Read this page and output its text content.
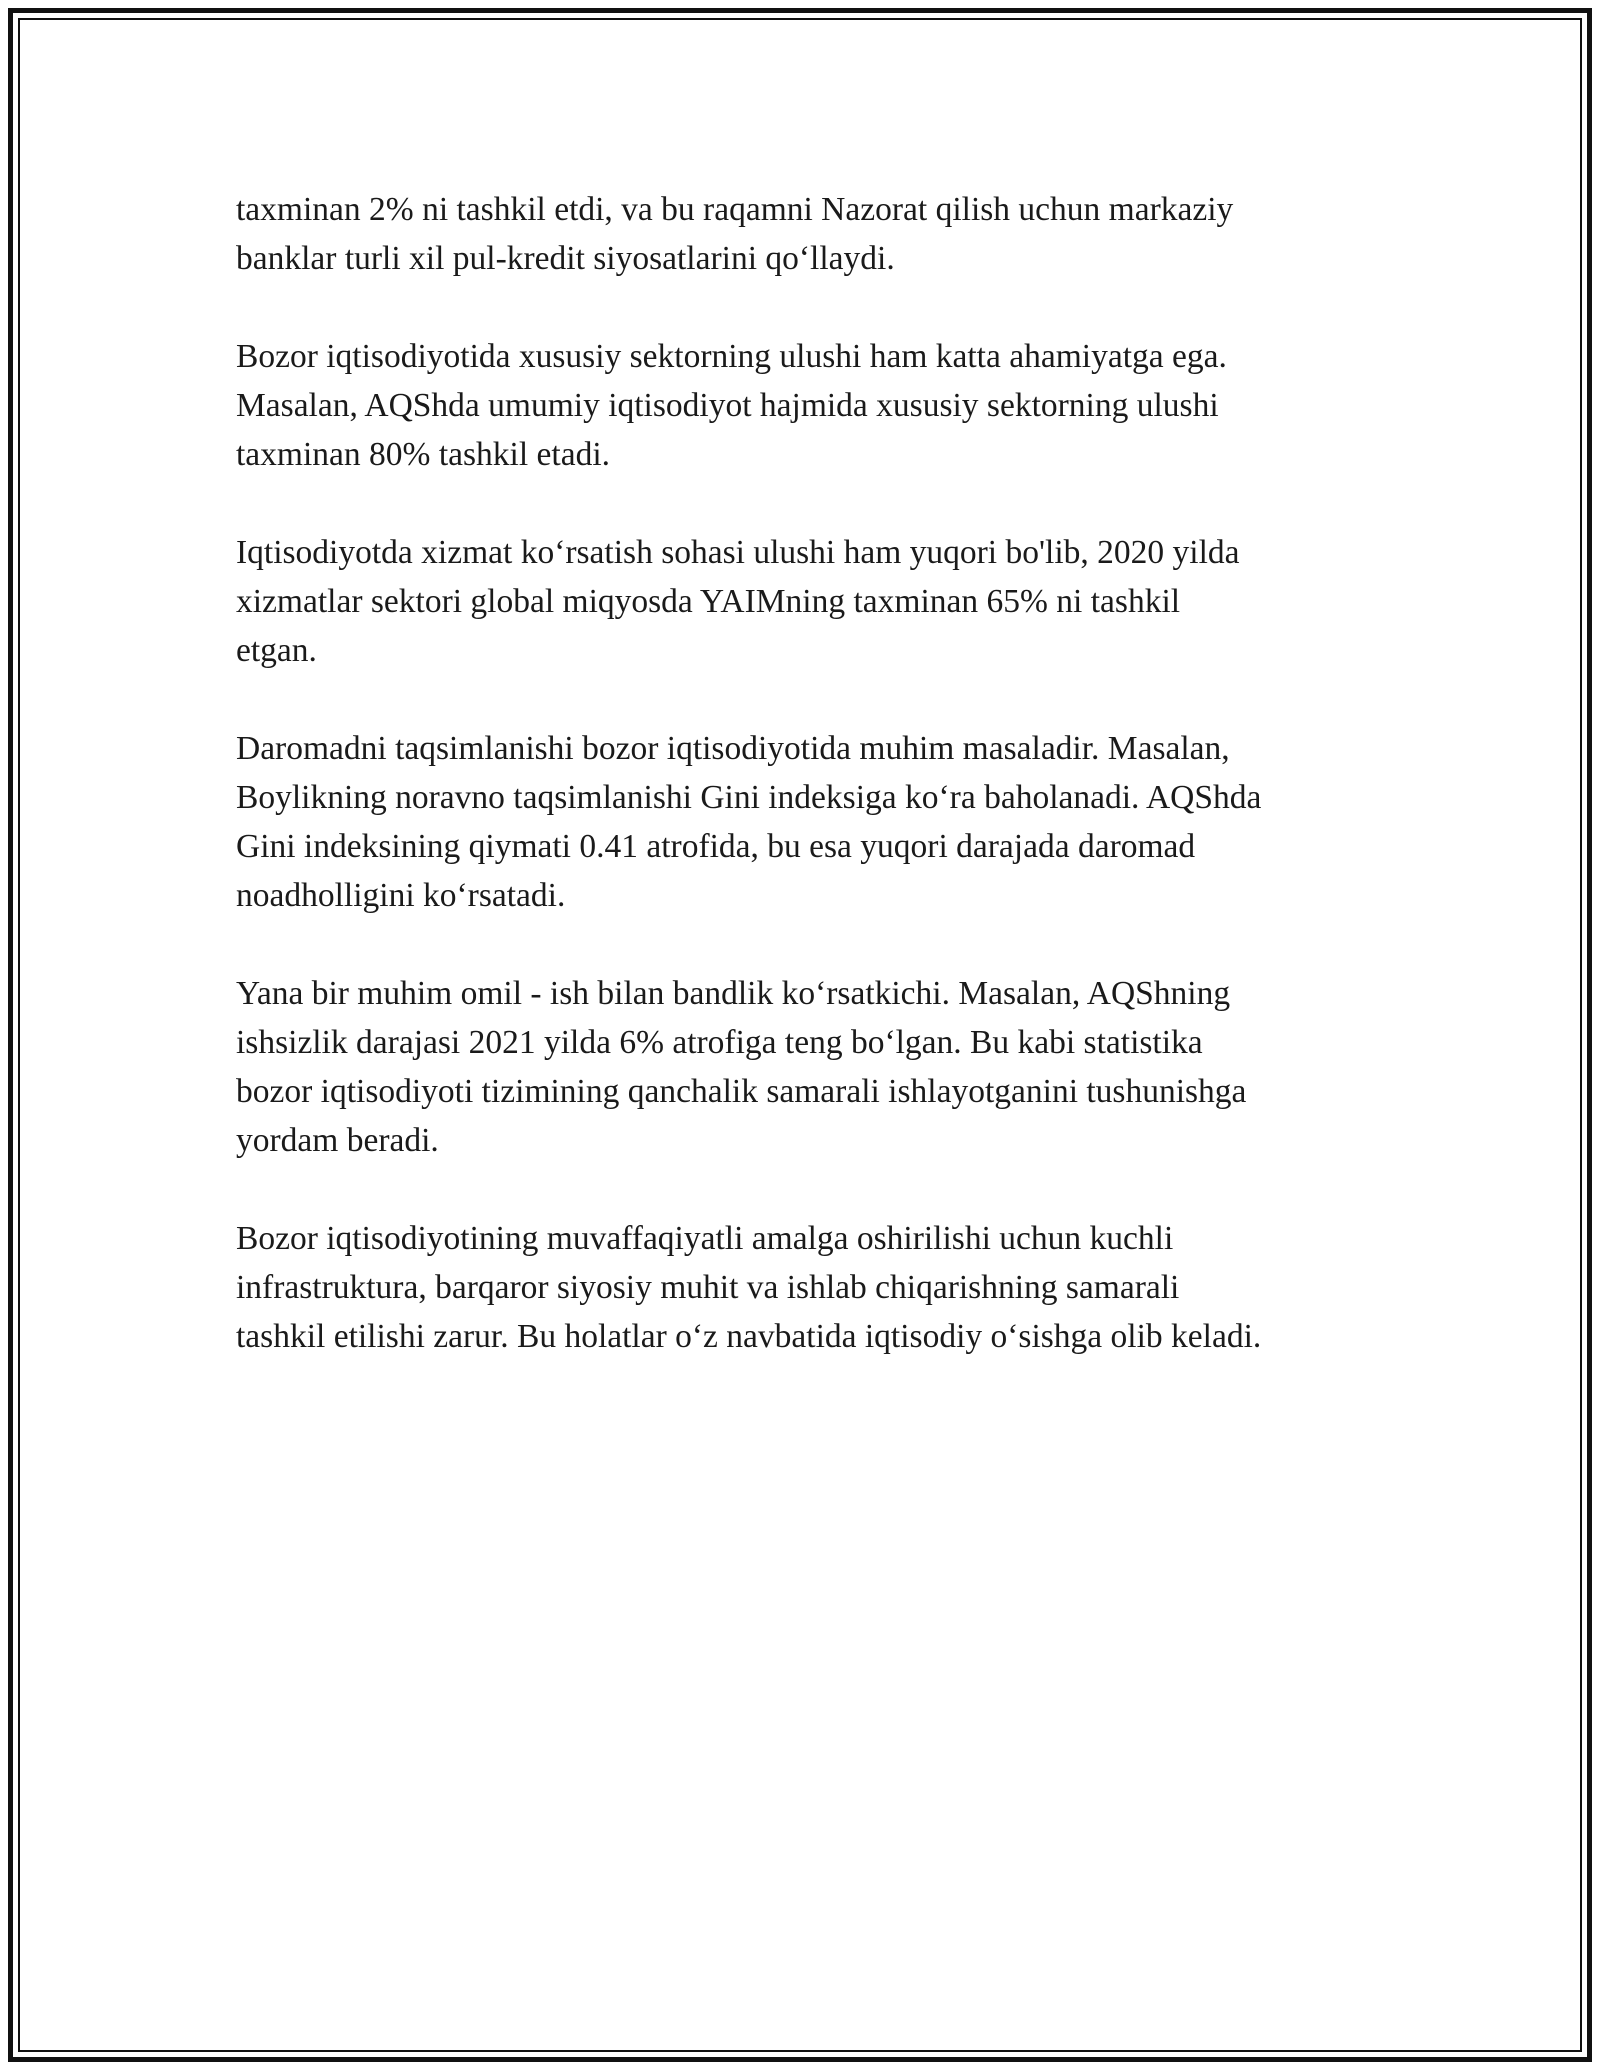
taxminan 2% ni tashkil etdi, va bu raqamni Nazorat qilish uchun markaziy
banklar turli xil pul-kredit siyosatlarini qo‘llaydi.

Bozor iqtisodiyotida xususiy sektorning ulushi ham katta ahamiyatga ega.
Masalan, AQShda umumiy iqtisodiyot hajmida xususiy sektorning ulushi
taxminan 80% tashkil etadi.

Iqtisodiyotda xizmat ko‘rsatish sohasi ulushi ham yuqori bo'lib, 2020 yilda
xizmatlar sektori global miqyosda YAIMning taxminan 65% ni tashkil
etgan.

Daromadni taqsimlanishi bozor iqtisodiyotida muhim masaladir. Masalan,
Boylikning noravno taqsimlanishi Gini indeksiga ko‘ra baholanadi. AQShda
Gini indeksining qiymati 0.41 atrofida, bu esa yuqori darajada daromad
noadholligini ko‘rsatadi.

Yana bir muhim omil - ish bilan bandlik ko‘rsatkichi. Masalan, AQShning
ishsizlik darajasi 2021 yilda 6% atrofiga teng bo‘lgan. Bu kabi statistika
bozor iqtisodiyoti tizimining qanchalik samarali ishlayotganini tushunishga
yordam beradi.

Bozor iqtisodiyotining muvaffaqiyatli amalga oshirilishi uchun kuchli
infrastruktura, barqaror siyosiy muhit va ishlab chiqarishning samarali
tashkil etilishi zarur. Bu holatlar o‘z navbatida iqtisodiy o‘sishga olib keladi.
